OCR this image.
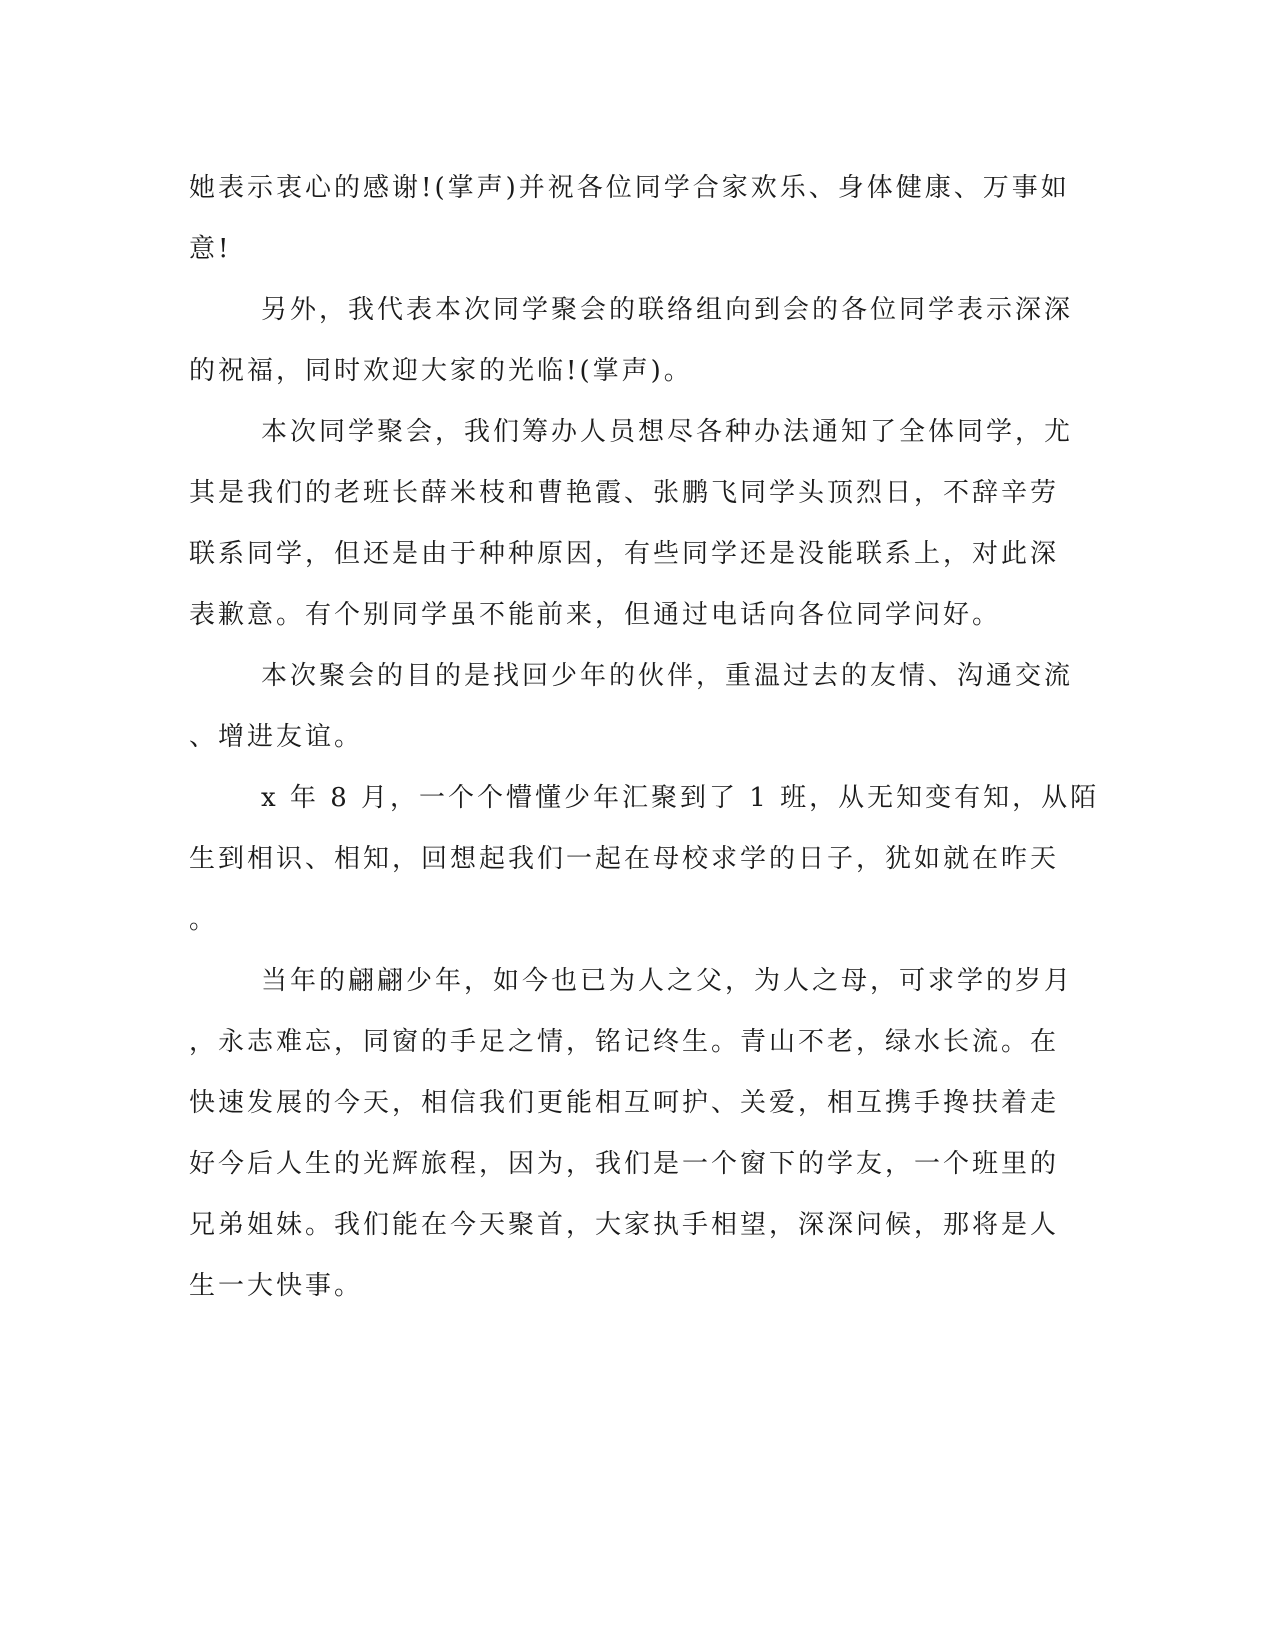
她表示衷心的感谢!(掌声)并祝各位同学合家欢乐、身体健康、万事如
意!

另外，我代表本次同学聚会的联络组向到会的各位同学表示深深
的祝福，同时欢迎大家的光临!(掌声)。

本次同学聚会，我们筹办人员想尽各种办法通知了全体同学，尤
其是我们的老班长薛米枝和曹艳霞、张鹏飞同学头顶烈日，不辞辛劳
联系同学，但还是由于种种原因，有些同学还是没能联系上，对此深
表歉意。有个别同学虽不能前来，但通过电话向各位同学问好。

本次聚会的目的是找回少年的伙伴，重温过去的友情、沟通交流
、增进友谊。

x 年 8 月，一个个懵懂少年汇聚到了 1 班，从无知变有知，从陌
生到相识、相知，回想起我们一起在母校求学的日子，犹如就在昨天
。

当年的翩翩少年，如今也已为人之父，为人之母，可求学的岁月
，永志难忘，同窗的手足之情，铭记终生。青山不老，绿水长流。在
快速发展的今天，相信我们更能相互呵护、关爱，相互携手搀扶着走
好今后人生的光辉旅程，因为，我们是一个窗下的学友，一个班里的
兄弟姐妹。我们能在今天聚首，大家执手相望，深深问候，那将是人
生一大快事。
